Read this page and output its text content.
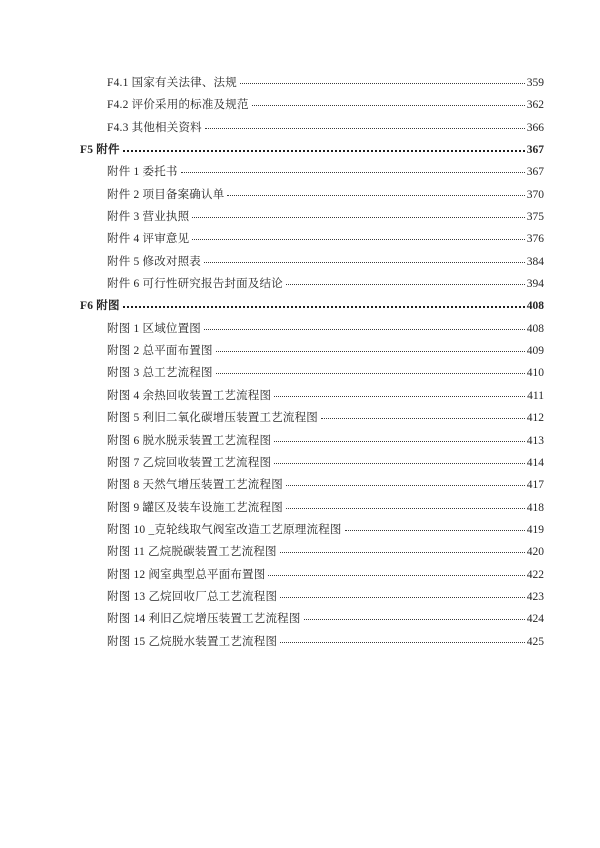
F4.1 国家有关法律、法规	359
F4.2 评价采用的标准及规范	362
F4.3 其他相关资料	366
F5 附件	367
附件 1 委托书	367
附件 2 项目备案确认单	370
附件 3 营业执照	375
附件 4 评审意见	376
附件 5 修改对照表	384
附件 6 可行性研究报告封面及结论	394
F6 附图	408
附图 1 区域位置图	408
附图 2 总平面布置图	409
附图 3 总工艺流程图	410
附图 4 余热回收装置工艺流程图	411
附图 5 利旧二氧化碳增压装置工艺流程图	412
附图 6 脱水脱汞装置工艺流程图	413
附图 7 乙烷回收装置工艺流程图	414
附图 8 天然气增压装置工艺流程图	417
附图 9 罐区及装车设施工艺流程图	418
附图 10 _克轮线取气阀室改造工艺原理流程图	419
附图 11 乙烷脱碳装置工艺流程图	420
附图 12 阀室典型总平面布置图	422
附图 13 乙烷回收厂总工艺流程图	423
附图 14 利旧乙烷增压装置工艺流程图	424
附图 15 乙烷脱水装置工艺流程图	425
